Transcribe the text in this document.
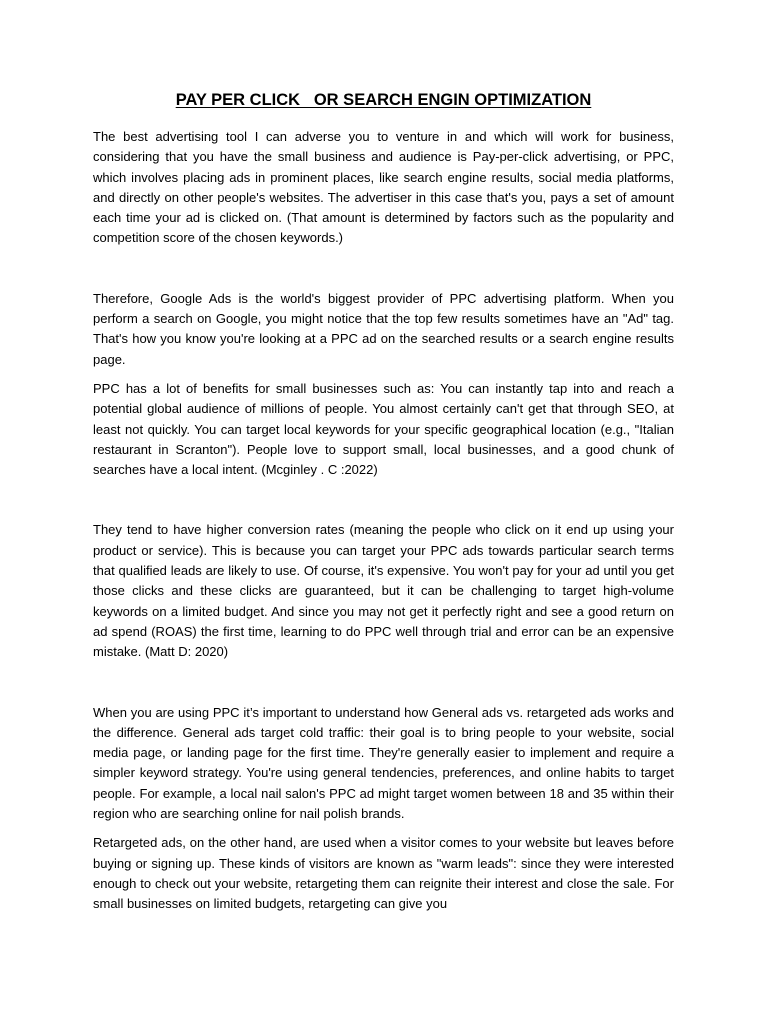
PAY PER CLICK   OR SEARCH ENGIN OPTIMIZATION

The best advertising tool I can adverse you to venture in and which will work for business, considering that you have the small business and audience is Pay-per-click advertising, or PPC, which involves placing ads in prominent places, like search engine results, social media platforms, and directly on other people's websites. The advertiser in this case that's you, pays a set of amount each time your ad is clicked on. (That amount is determined by factors such as the popularity and competition score of the chosen keywords.)

Therefore, Google Ads is the world's biggest provider of PPC advertising platform. When you perform a search on Google, you might notice that the top few results sometimes have an "Ad" tag. That's how you know you're looking at a PPC ad on the searched results or a search engine results page.

PPC has a lot of benefits for small businesses such as: You can instantly tap into and reach a potential global audience of millions of people. You almost certainly can't get that through SEO, at least not quickly. You can target local keywords for your specific geographical location (e.g., "Italian restaurant in Scranton"). People love to support small, local businesses, and a good chunk of searches have a local intent. (Mcginley . C :2022)

They tend to have higher conversion rates (meaning the people who click on it end up using your product or service). This is because you can target your PPC ads towards particular search terms that qualified leads are likely to use. Of course, it's expensive. You won't pay for your ad until you get those clicks and these clicks are guaranteed, but it can be challenging to target high-volume keywords on a limited budget. And since you may not get it perfectly right and see a good return on ad spend (ROAS) the first time, learning to do PPC well through trial and error can be an expensive mistake. (Matt D: 2020)

When you are using PPC it’s important to understand how General ads vs. retargeted ads works and the difference. General ads target cold traffic: their goal is to bring people to your website, social media page, or landing page for the first time. They're generally easier to implement and require a simpler keyword strategy. You're using general tendencies, preferences, and online habits to target people. For example, a local nail salon's PPC ad might target women between 18 and 35 within their region who are searching online for nail polish brands.

Retargeted ads, on the other hand, are used when a visitor comes to your website but leaves before buying or signing up. These kinds of visitors are known as "warm leads": since they were interested enough to check out your website, retargeting them can reignite their interest and close the sale. For small businesses on limited budgets, retargeting can give you
